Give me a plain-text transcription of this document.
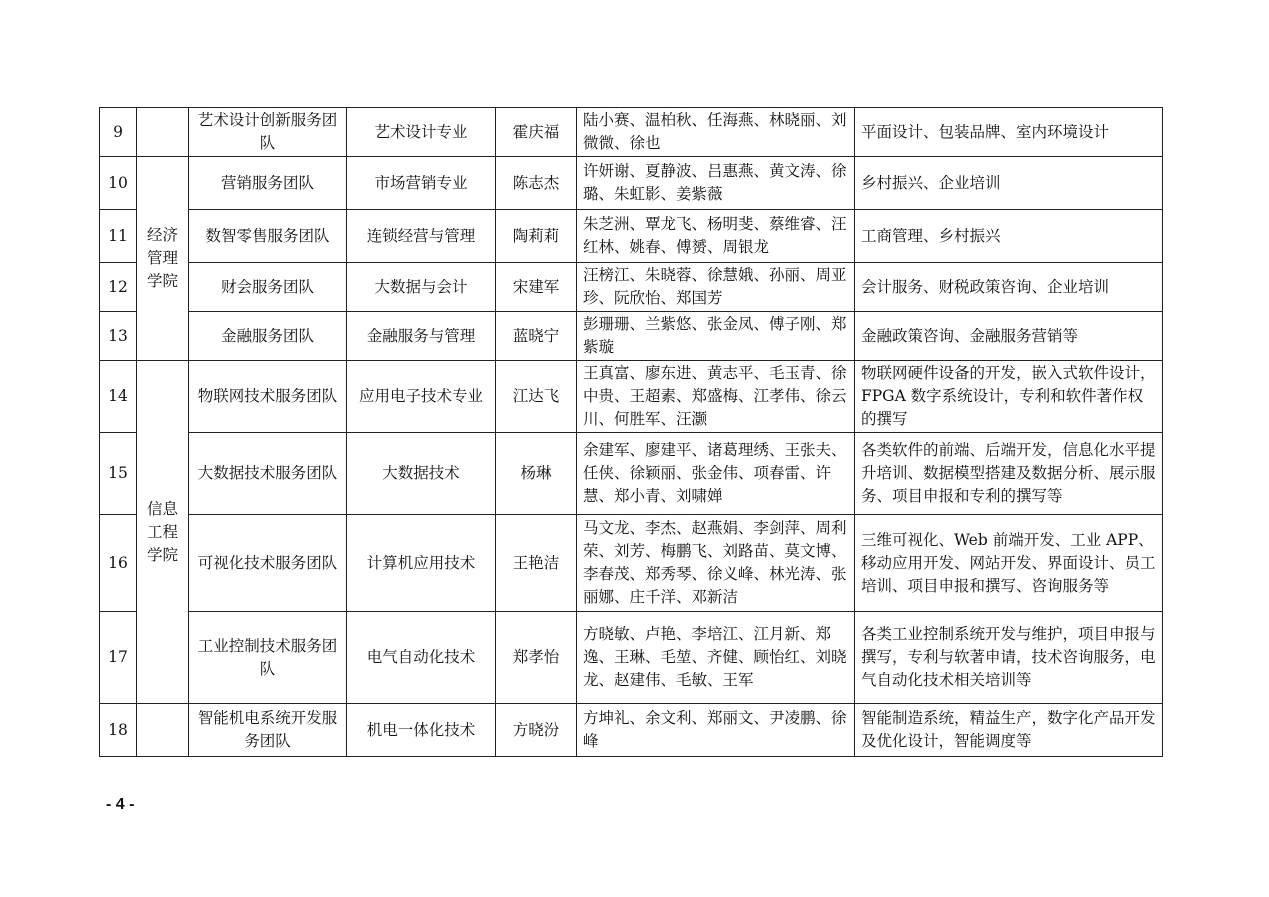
9		艺术设计创新服务团队	艺术设计专业	霍庆福	陆小赛、温柏秋、任海燕、林晓丽、刘微微、徐也	平面设计、包装品牌、室内环境设计
10	经济管理学院	营销服务团队	市场营销专业	陈志杰	许妍谢、夏静波、吕惠燕、黄文涛、徐璐、朱虹影、姜紫薇	乡村振兴、企业培训
11		数智零售服务团队	连锁经营与管理	陶莉莉	朱芝洲、覃龙飞、杨明斐、蔡维睿、汪红林、姚春、傅赟、周银龙	工商管理、乡村振兴
12		财会服务团队	大数据与会计	宋建军	汪榜江、朱晓蓉、徐慧娥、孙丽、周亚珍、阮欣怡、郑国芳	会计服务、财税政策咨询、企业培训
13		金融服务团队	金融服务与管理	蓝晓宁	彭珊珊、兰紫悠、张金凤、傅子刚、郑紫璇	金融政策咨询、金融服务营销等
14	信息工程学院	物联网技术服务团队	应用电子技术专业	江达飞	王真富、廖东进、黄志平、毛玉青、徐中贵、王超素、郑盛梅、江孝伟、徐云川、何胜军、汪灏	物联网硬件设备的开发，嵌入式软件设计，FPGA 数字系统设计，专利和软件著作权的撰写
15		大数据技术服务团队	大数据技术	杨琳	余建军、廖建平、诸葛理绣、王张夫、任侠、徐颖丽、张金伟、项春雷、许慧、郑小青、刘啸婵	各类软件的前端、后端开发，信息化水平提升培训、数据模型搭建及数据分析、展示服务、项目申报和专利的撰写等
16		可视化技术服务团队	计算机应用技术	王艳洁	马文龙、李杰、赵燕娟、李剑萍、周利荣、刘芳、梅鹏飞、刘路苗、莫文博、李春茂、郑秀琴、徐义峰、林光涛、张丽娜、庄千洋、邓新洁	三维可视化、Web 前端开发、工业 APP、移动应用开发、网站开发、界面设计、员工培训、项目申报和撰写、咨询服务等
17		工业控制技术服务团队	电气自动化技术	郑孝怡	方晓敏、卢艳、李培江、江月新、郑逸、王琳、毛堃、齐健、顾怡红、刘晓龙、赵建伟、毛敏、王军	各类工业控制系统开发与维护，项目申报与撰写，专利与软著申请，技术咨询服务，电气自动化技术相关培训等
18		智能机电系统开发服务团队	机电一体化技术	方晓汾	方坤礼、余文利、郑丽文、尹凌鹏、徐峰	智能制造系统，精益生产，数字化产品开发及优化设计，智能调度等
- 4 -
